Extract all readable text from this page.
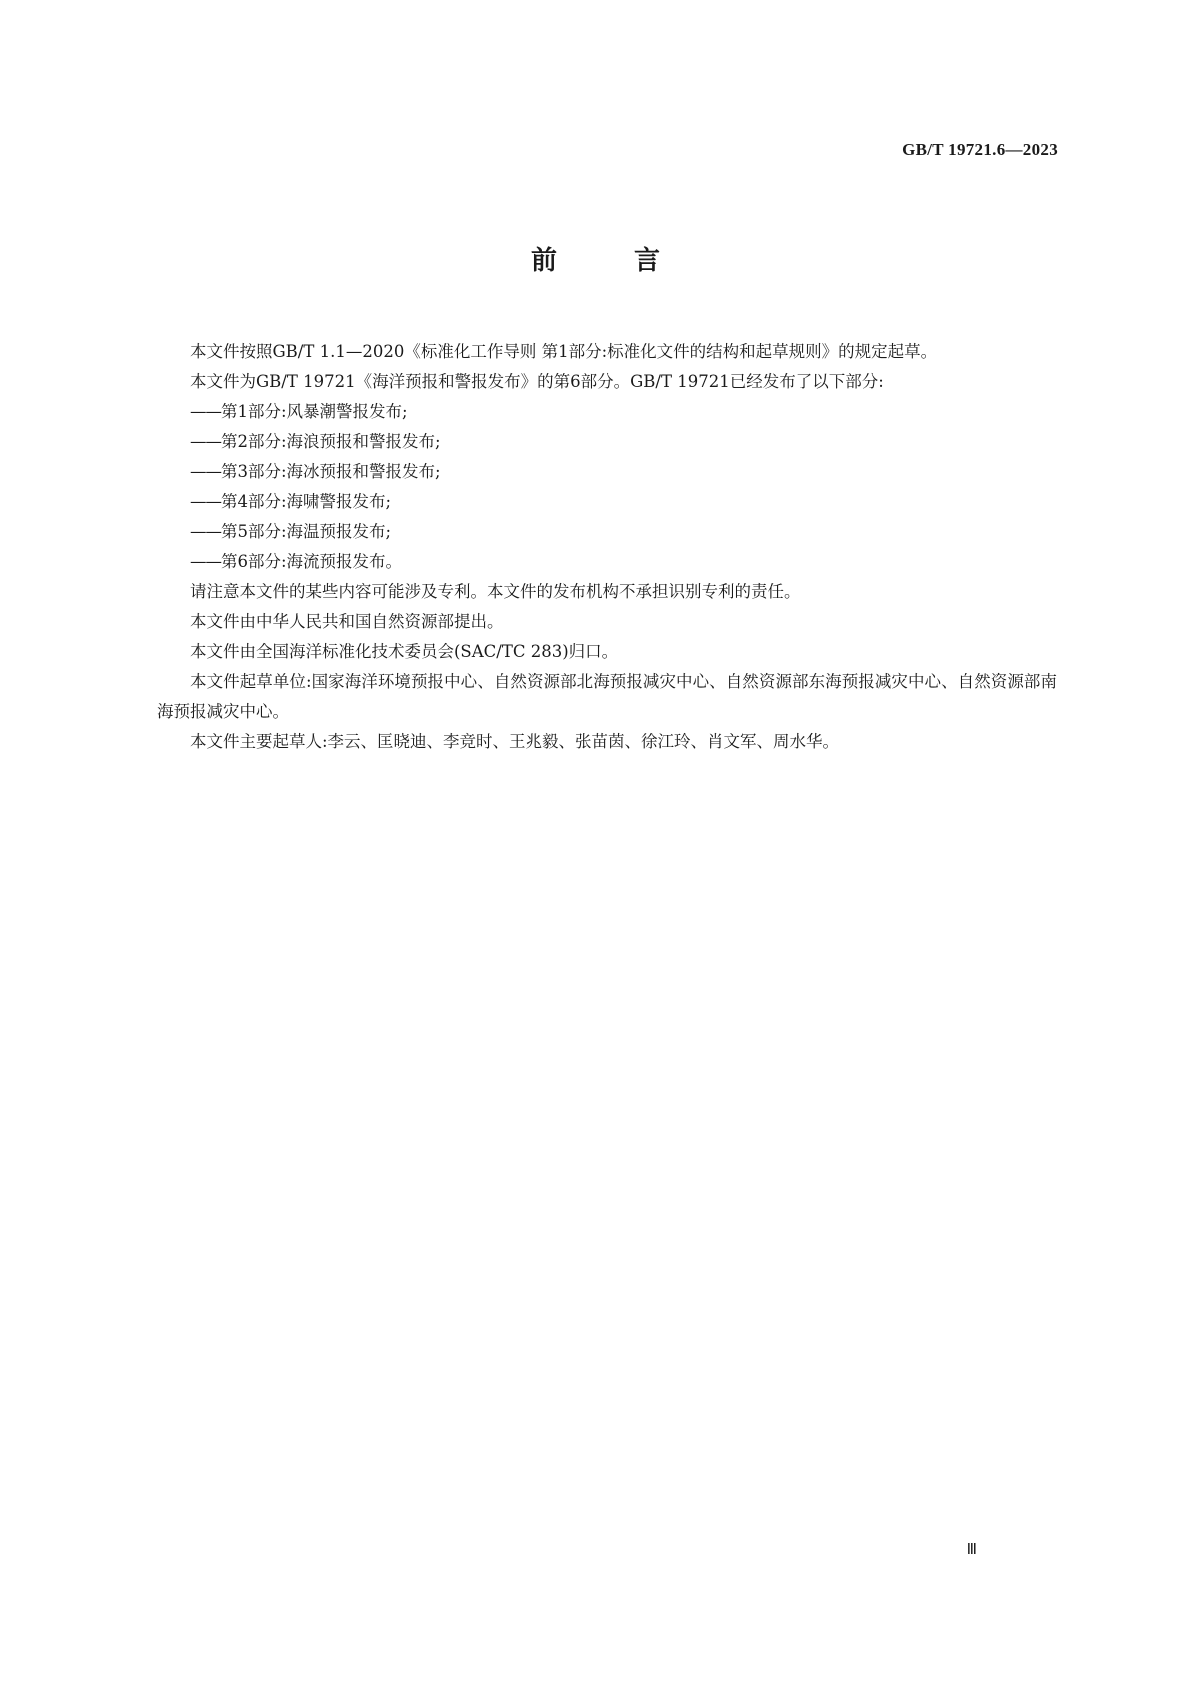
GB/T 19721.6—2023
前 言

本文件按照GB/T 1.1—2020《标准化工作导则 第1部分:标准化文件的结构和起草规则》的规定起草。

本文件为GB/T 19721《海洋预报和警报发布》的第6部分。GB/T 19721已经发布了以下部分:

——第1部分:风暴潮警报发布;

——第2部分:海浪预报和警报发布;

——第3部分:海冰预报和警报发布;

——第4部分:海啸警报发布;

——第5部分:海温预报发布;

——第6部分:海流预报发布。

请注意本文件的某些内容可能涉及专利。本文件的发布机构不承担识别专利的责任。

本文件由中华人民共和国自然资源部提出。

本文件由全国海洋标准化技术委员会(SAC/TC 283)归口。

本文件起草单位:国家海洋环境预报中心、自然资源部北海预报减灾中心、自然资源部东海预报减灾中心、自然资源部南海预报减灾中心。

本文件主要起草人:李云、匡晓迪、李竞时、王兆毅、张苗茵、徐江玲、肖文军、周水华。

Ⅲ
